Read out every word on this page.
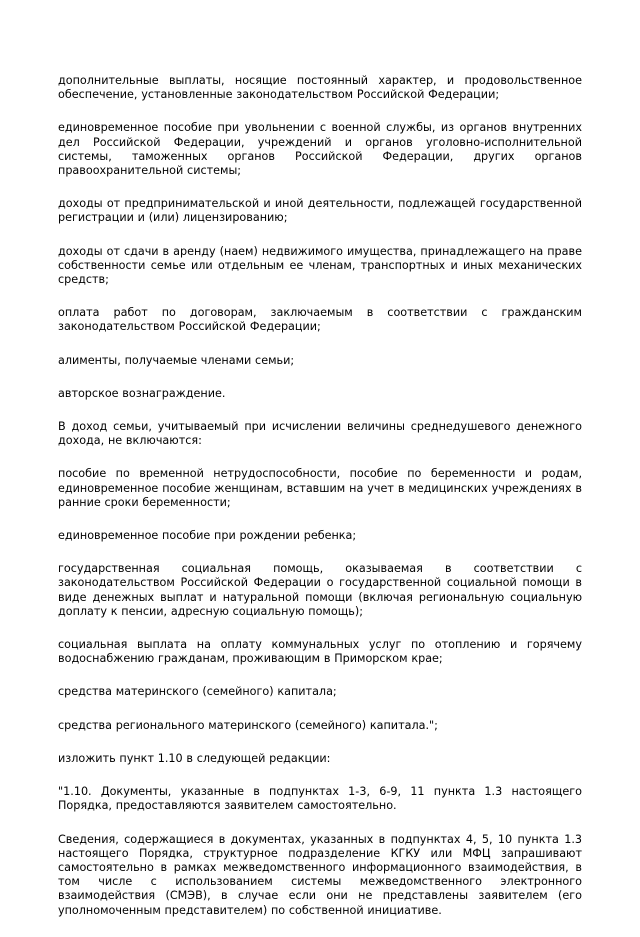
дополнительные выплаты, носящие постоянный характер, и продовольственное обеспечение, установленные законодательством Российской Федерации;

единовременное пособие при увольнении с военной службы, из органов внутренних дел Российской Федерации, учреждений и органов уголовно-исполнительной системы, таможенных органов Российской Федерации, других органов правоохранительной системы;

доходы от предпринимательской и иной деятельности, подлежащей государственной регистрации и (или) лицензированию;

доходы от сдачи в аренду (наем) недвижимого имущества, принадлежащего на праве собственности семье или отдельным ее членам, транспортных и иных механических средств;

оплата работ по договорам, заключаемым в соответствии с гражданским законодательством Российской Федерации;

алименты, получаемые членами семьи;

авторское вознаграждение.

В доход семьи, учитываемый при исчислении величины среднедушевого денежного дохода, не включаются:

пособие по временной нетрудоспособности, пособие по беременности и родам, единовременное пособие женщинам, вставшим на учет в медицинских учреждениях в ранние сроки беременности;

единовременное пособие при рождении ребенка;

государственная социальная помощь, оказываемая в соответствии с законодательством Российской Федерации о государственной социальной помощи в виде денежных выплат и натуральной помощи (включая региональную социальную доплату к пенсии, адресную социальную помощь);

социальная выплата на оплату коммунальных услуг по отоплению и горячему водоснабжению гражданам, проживающим в Приморском крае;

средства материнского (семейного) капитала;

средства регионального материнского (семейного) капитала.";

изложить пункт 1.10 в следующей редакции:

"1.10. Документы, указанные в подпунктах 1-3, 6-9, 11 пункта 1.3 настоящего Порядка, предоставляются заявителем самостоятельно.

Сведения, содержащиеся в документах, указанных в подпунктах 4, 5, 10 пункта 1.3 настоящего Порядка, структурное подразделение КГКУ или МФЦ запрашивают самостоятельно в рамках межведомственного информационного взаимодействия, в том числе с использованием системы межведомственного электронного взаимодействия (СМЭВ), в случае если они не представлены заявителем (его уполномоченным представителем) по собственной инициативе.
